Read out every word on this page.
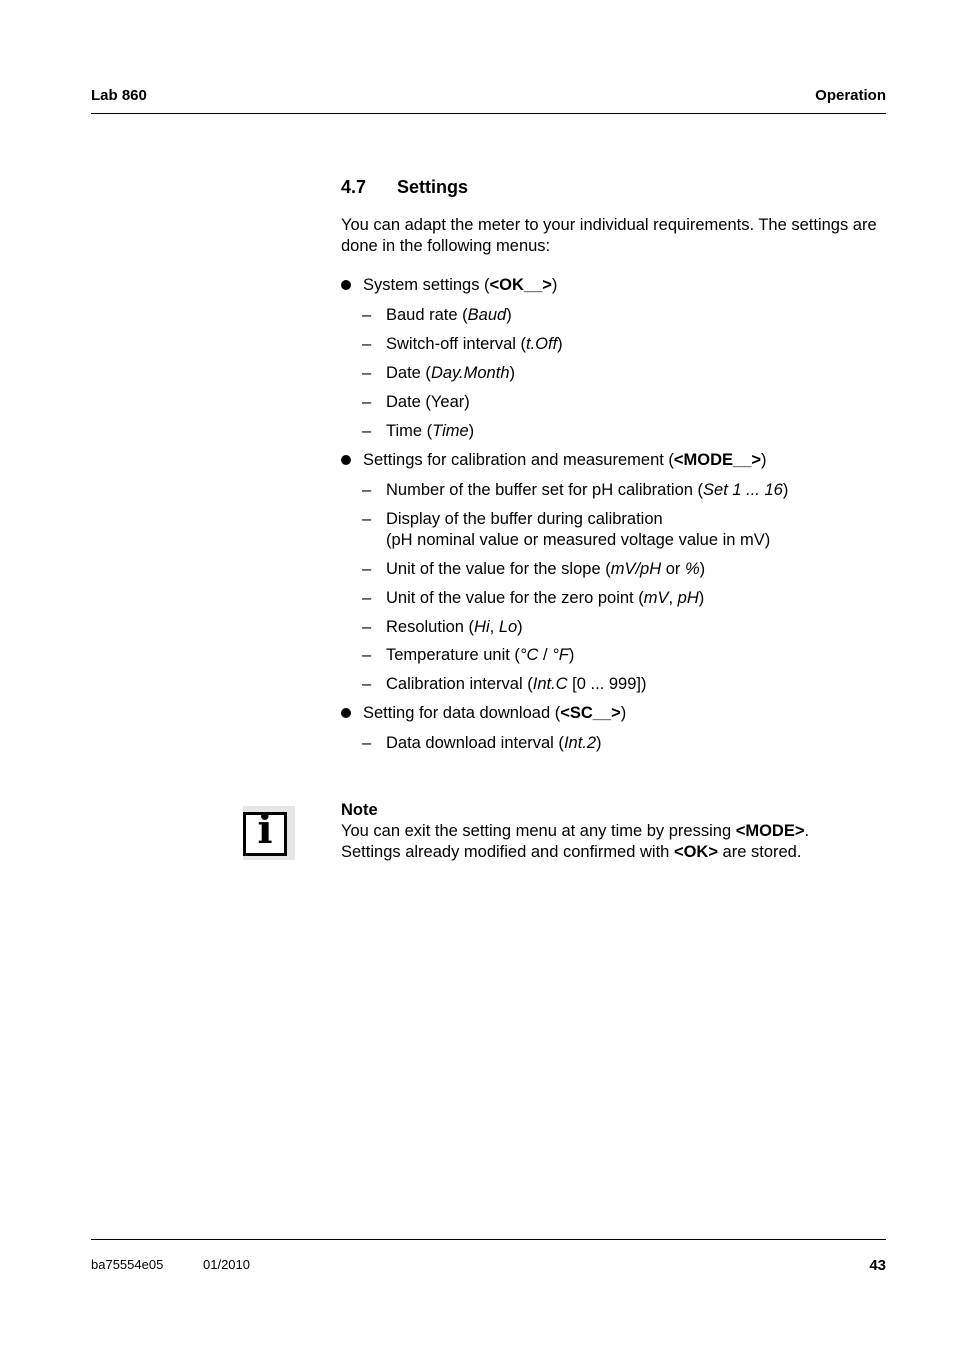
Lab 860	Operation
4.7 Settings
You can adapt the meter to your individual requirements. The settings are done in the following menus:
System settings (<OK__>)
– Baud rate (Baud)
– Switch-off interval (t.Off)
– Date (Day.Month)
– Date (Year)
– Time (Time)
Settings for calibration and measurement (<MODE__>)
– Number of the buffer set for pH calibration (Set 1 ... 16)
– Display of the buffer during calibration
(pH nominal value or measured voltage value in mV)
– Unit of the value for the slope (mV/pH or %)
– Unit of the value for the zero point (mV, pH)
– Resolution (Hi, Lo)
– Temperature unit (°C / °F)
– Calibration interval (Int.C [0 ... 999])
Setting for data download (<SC__>)
– Data download interval (Int.2)
i	Note
You can exit the setting menu at any time by pressing <MODE>.
Settings already modified and confirmed with <OK> are stored.
ba75554e05	01/2010	43
